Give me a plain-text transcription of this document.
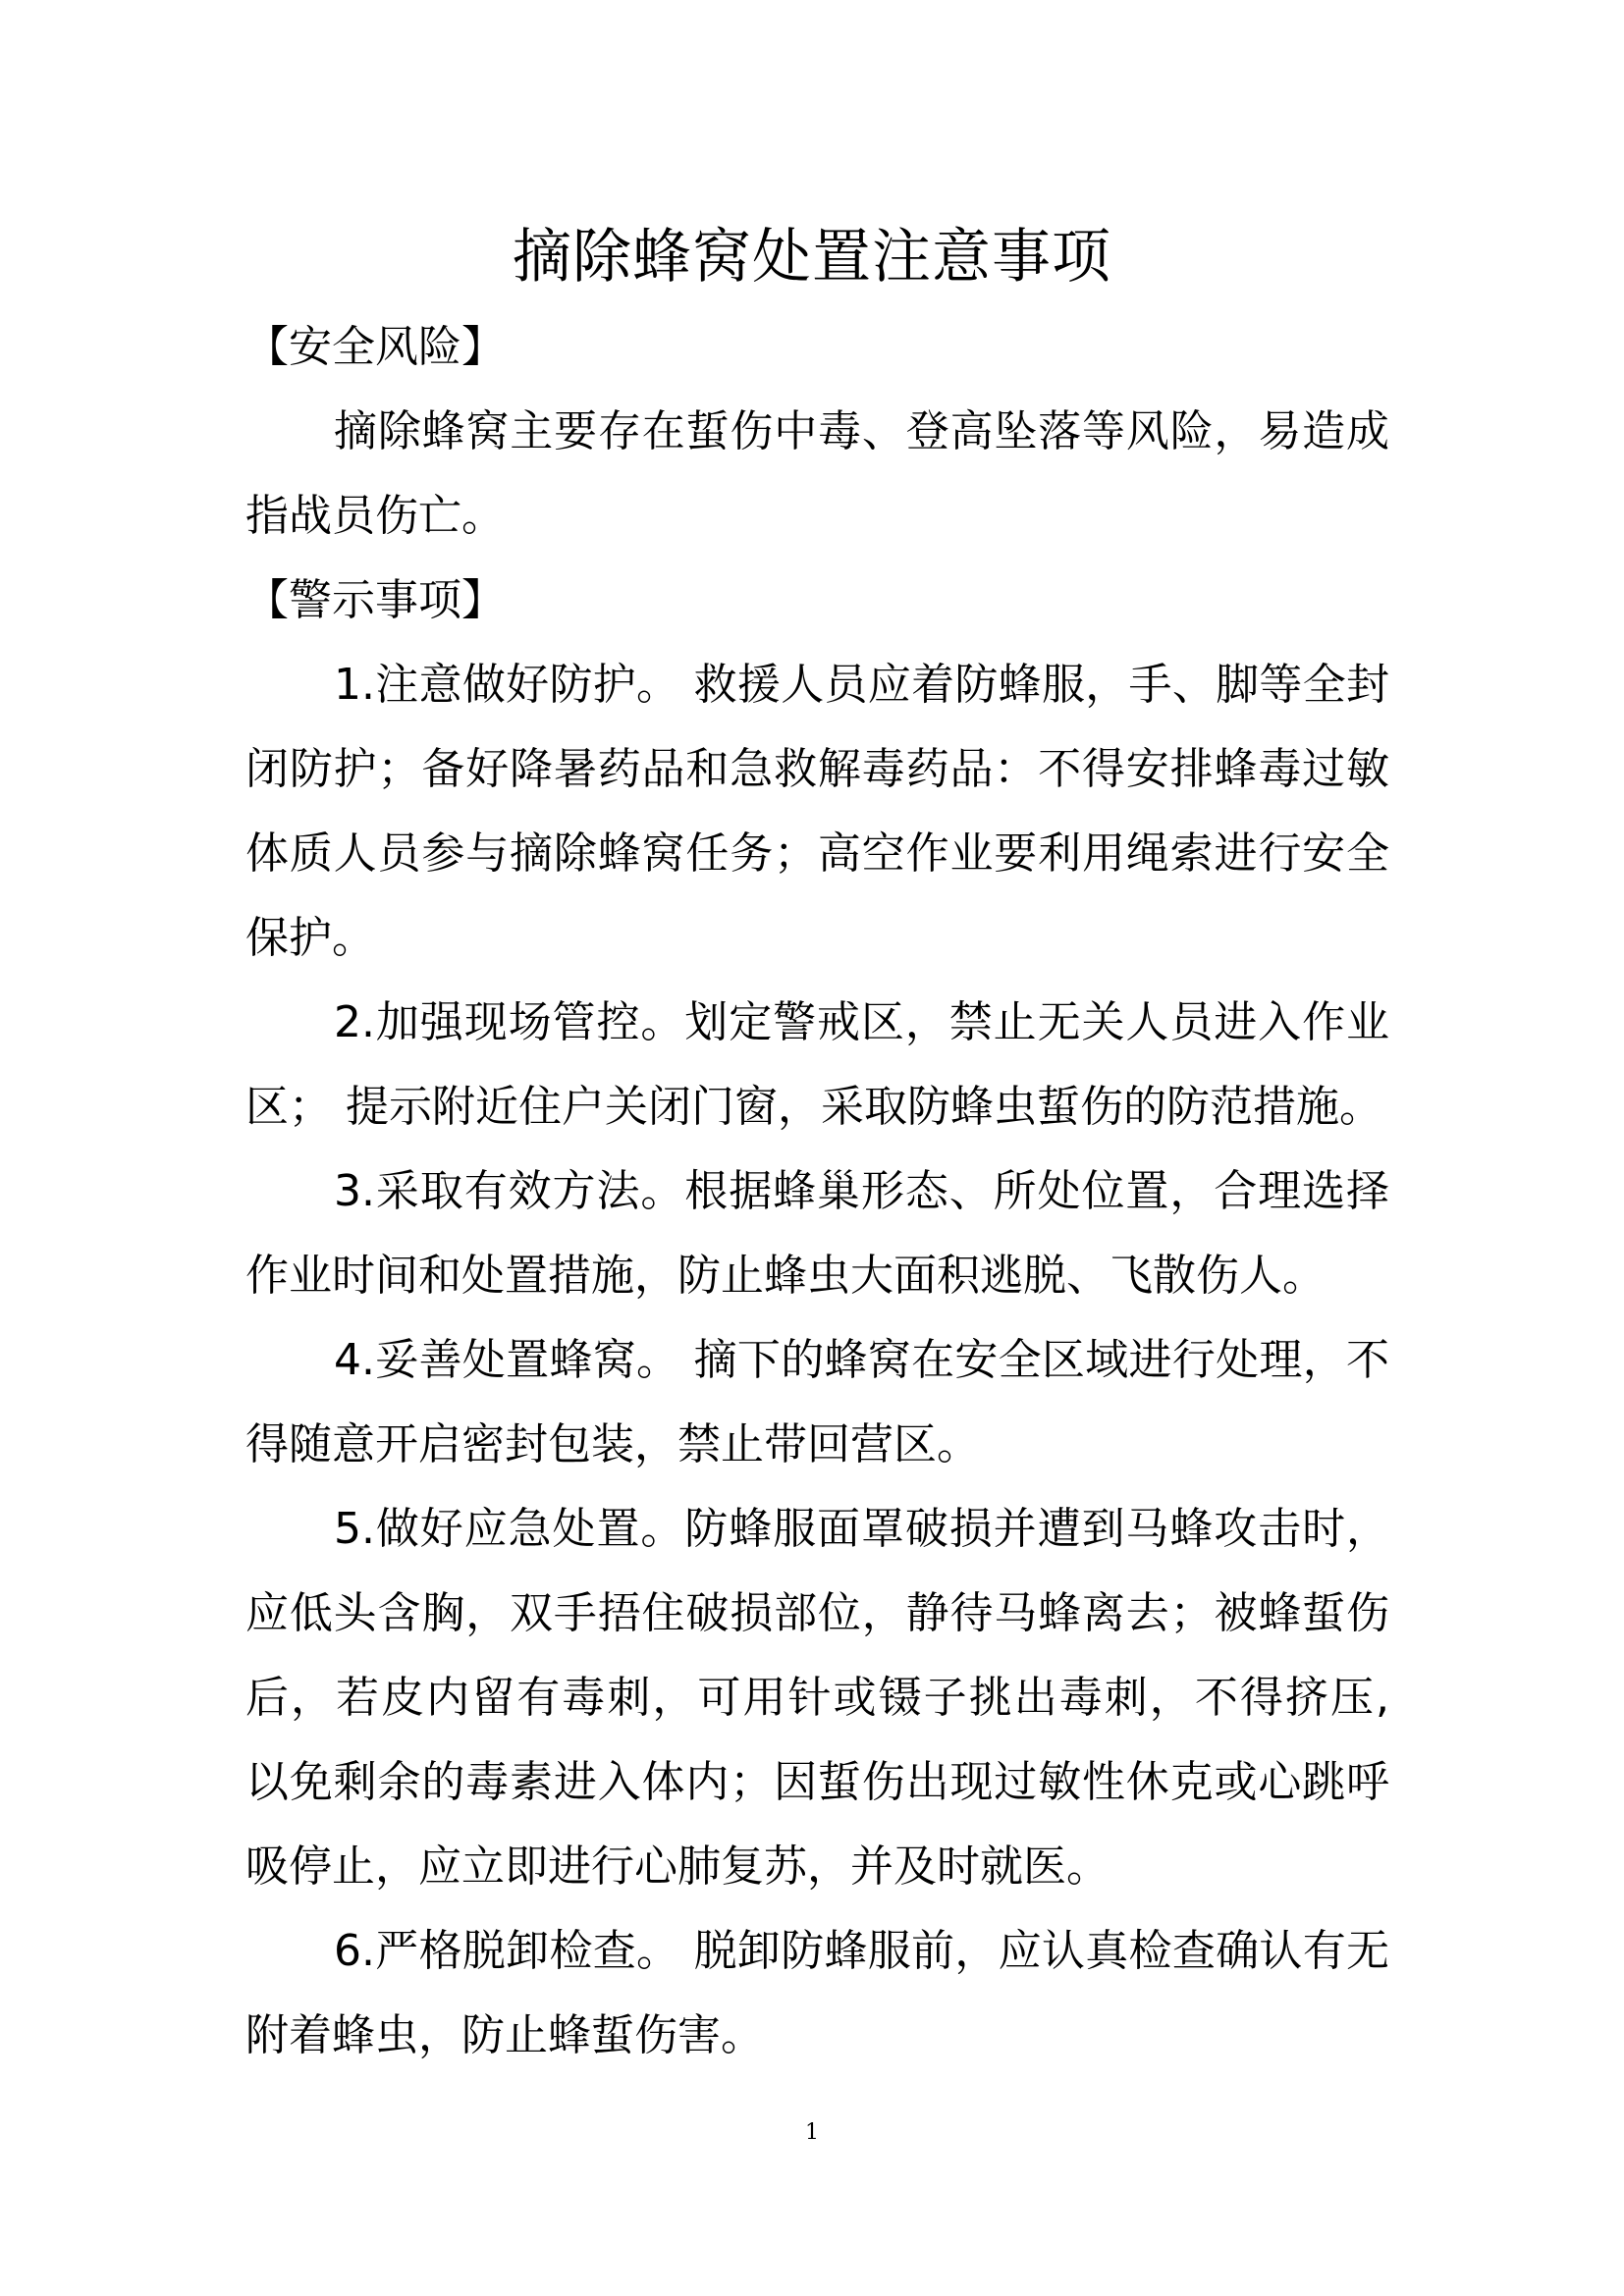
摘除蜂窝处置注意事项
【安全风险】

摘除蜂窝主要存在蜇伤中毒、登高坠落等风险，易造成指战员伤亡。

【警示事项】

1.注意做好防护。 救援人员应着防蜂服，手、脚等全封闭防护；备好降暑药品和急救解毒药品：不得安排蜂毒过敏体质人员参与摘除蜂窝任务；高空作业要利用绳索进行安全保护。

2.加强现场管控。划定警戒区，禁止无关人员进入作业区； 提示附近住户关闭门窗，采取防蜂虫蜇伤的防范措施。

3.采取有效方法。根据蜂巢形态、所处位置，合理选择作业时间和处置措施，防止蜂虫大面积逃脱、飞散伤人。

4.妥善处置蜂窝。 摘下的蜂窝在安全区域进行处理，不得随意开启密封包装，禁止带回营区。

5.做好应急处置。防蜂服面罩破损并遭到马蜂攻击时，应低头含胸，双手捂住破损部位，静待马蜂离去；被蜂蜇伤后，若皮内留有毒刺，可用针或镊子挑出毒刺，不得挤压, 以免剩余的毒素进入体内；因蜇伤出现过敏性休克或心跳呼吸停止，应立即进行心肺复苏，并及时就医。

6.严格脱卸检查。 脱卸防蜂服前，应认真检查确认有无附着蜂虫，防止蜂蜇伤害。

1
